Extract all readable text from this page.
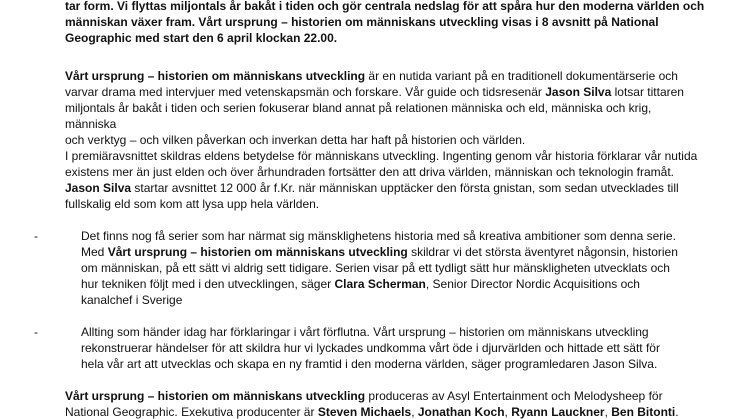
tar form. Vi flyttas miljontals år bakåt i tiden och gör centrala nedslag för att spåra hur den moderna världen och
människan växer fram. Vårt ursprung – historien om människans utveckling visas i 8 avsnitt på National
Geographic med start den 6 april klockan 22.00.

Vårt ursprung – historien om människans utveckling är en nutida variant på en traditionell dokumentärserie och
varvar drama med intervjuer med vetenskapsmän och forskare. Vår guide och tidsresenär Jason Silva lotsar tittaren
miljontals år bakåt i tiden och serien fokuserar bland annat på relationen människa och eld, människa och krig, människa
och verktyg – och vilken påverkan och inverkan detta har haft på historien och världen.

I premiäravsnittet skildras eldens betydelse för människans utveckling. Ingenting genom vår historia förklarar vår nutida
existens mer än just elden och över århundraden fortsätter den att driva världen, människan och teknologin framåt.
Jason Silva startar avsnittet 12 000 år f.Kr. när människan upptäcker den första gnistan, som sedan utvecklades till
fullskalig eld som kom att lysa upp hela världen.

-	Det finns nog få serier som har närmat sig mänsklighetens historia med så kreativa ambitioner som denna serie.
Med Vårt ursprung – historien om människans utveckling skildrar vi det största äventyret någonsin, historien
om människan, på ett sätt vi aldrig sett tidigare. Serien visar på ett tydligt sätt hur mänskligheten utvecklats och
hur tekniken följt med i den utvecklingen, säger Clara Scherman, Senior Director Nordic Acquisitions och
kanalchef i Sverige

-	Allting som händer idag har förklaringar i vårt förflutna. Vårt ursprung – historien om människans utveckling
rekonstruerar händelser för att skildra hur vi lyckades undkomma vårt öde i djurvärlden och hittade ett sätt för
hela vår art att utvecklas och skapa en ny framtid i den moderna världen, säger programledaren Jason Silva.

Vårt ursprung – historien om människans utveckling produceras av Asyl Entertainment och Melodysheep för
National Geographic. Exekutiva producenter är Steven Michaels, Jonathan Koch, Ryann Lauckner, Ben Bitonti.
